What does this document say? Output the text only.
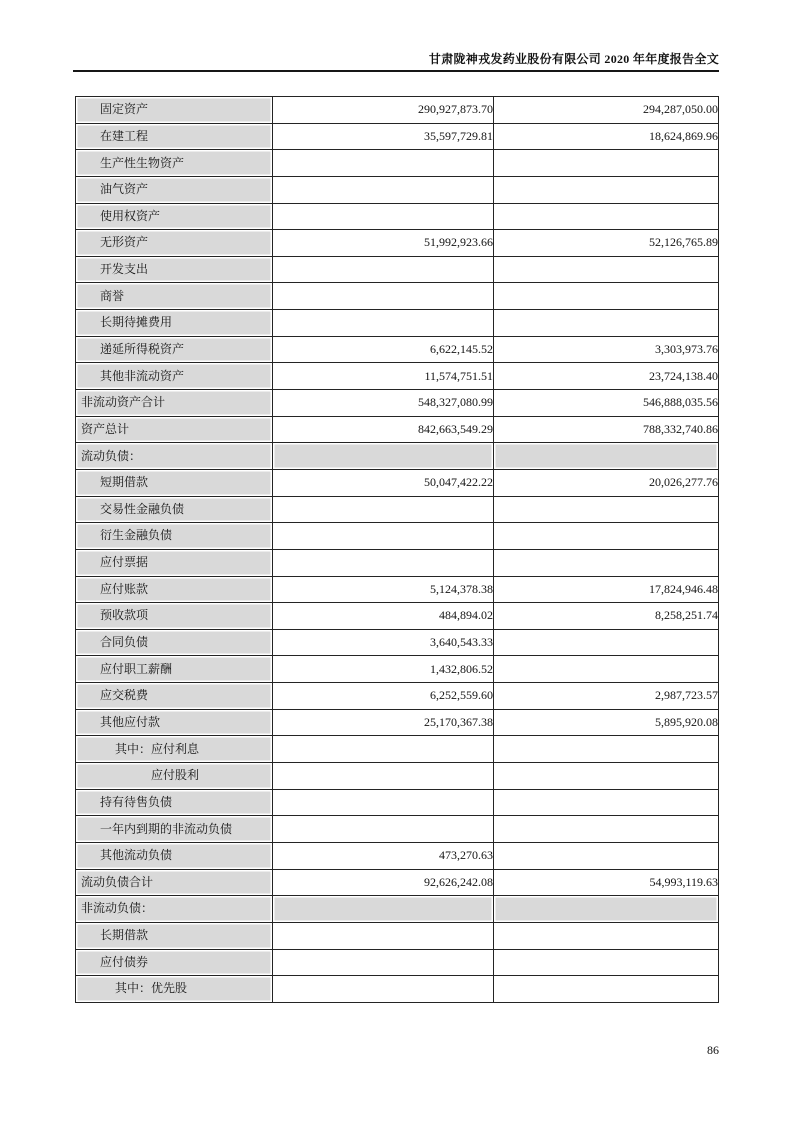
甘肃陇神戎发药业股份有限公司 2020 年年度报告全文
固定资产	290,927,873.70	294,287,050.00
在建工程	35,597,729.81	18,624,869.96
生产性生物资产		
油气资产		
使用权资产		
无形资产	51,992,923.66	52,126,765.89
开发支出		
商誉		
长期待摊费用		
递延所得税资产	6,622,145.52	3,303,973.76
其他非流动资产	11,574,751.51	23,724,138.40
非流动资产合计	548,327,080.99	546,888,035.56
资产总计	842,663,549.29	788,332,740.86
流动负债：		
短期借款	50,047,422.22	20,026,277.76
交易性金融负债		
衍生金融负债		
应付票据		
应付账款	5,124,378.38	17,824,946.48
预收款项	484,894.02	8,258,251.74
合同负债	3,640,543.33	
应付职工薪酬	1,432,806.52	
应交税费	6,252,559.60	2,987,723.57
其他应付款	25,170,367.38	5,895,920.08
其中：应付利息		
应付股利		
持有待售负债		
一年内到期的非流动负债		
其他流动负债	473,270.63	
流动负债合计	92,626,242.08	54,993,119.63
非流动负债：		
长期借款		
应付债券		
其中：优先股		
86
